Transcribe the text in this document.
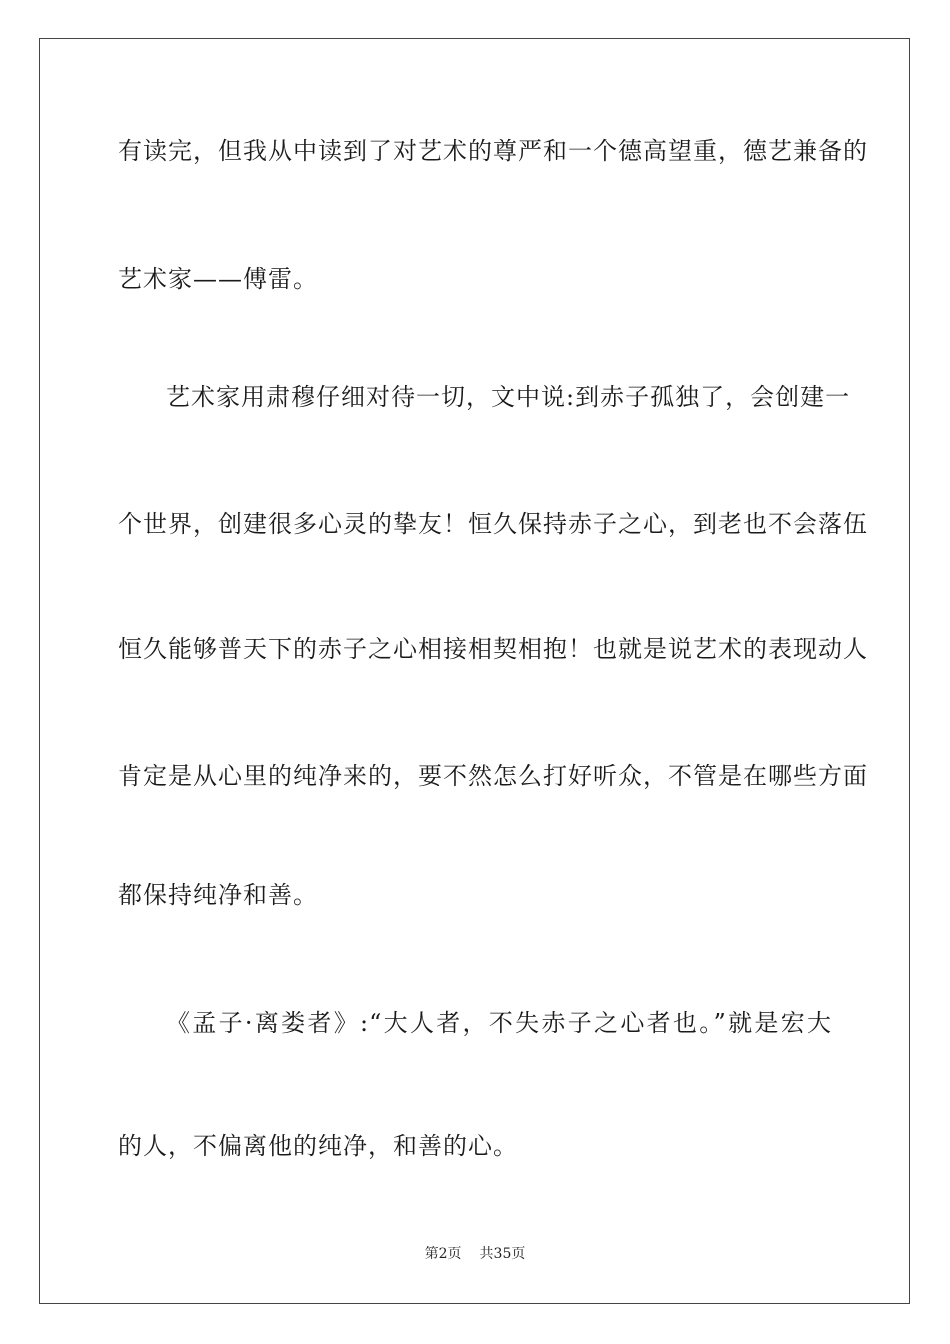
有读完，但我从中读到了对艺术的尊严和一个德高望重，德艺兼备的
艺术家——傅雷。
艺术家用肃穆仔细对待一切，文中说:到赤子孤独了，会创建一
个世界，创建很多心灵的挚友！恒久保持赤子之心，到老也不会落伍
恒久能够普天下的赤子之心相接相契相抱！也就是说艺术的表现动人
肯定是从心里的纯净来的，要不然怎么打好听众，不管是在哪些方面
都保持纯净和善。
《孟子·离娄者》:“大人者，不失赤子之心者也。”就是宏大
的人，不偏离他的纯净，和善的心。
第2页 共35页
